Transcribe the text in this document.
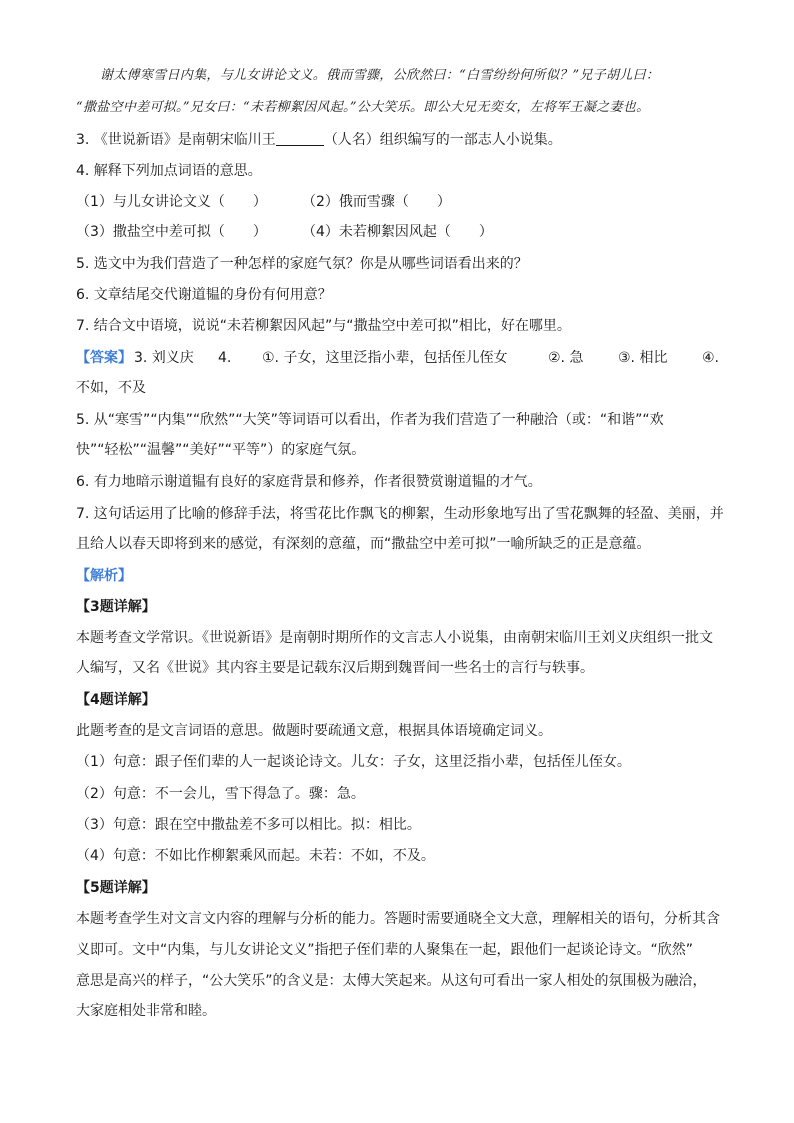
谢太傅寒雪日内集，与儿女讲论文义。俄而雪骤，公欣然曰：“白雪纷纷何所似？”兄子胡儿曰：
“撒盐空中差可拟。”兄女曰：“未若柳絮因风起。”公大笑乐。即公大兄无奕女，左将军王凝之妻也。
3. 《世说新语》是南朝宋临川王	（人名）组织编写的一部志人小说集。
4. 解释下列加点词语的意思。
（1）与儿女讲论文义（　　）	（2）俄而雪骤（　　）
（3）撒盐空中差可拟（　　）	（4）未若柳絮因风起（　　）
5. 选文中为我们营造了一种怎样的家庭气氛？你是从哪些词语看出来的？
6. 文章结尾交代谢道韫的身份有何用意？
7. 结合文中语境，说说“未若柳絮因风起”与“撒盐空中差可拟”相比，好在哪里。
【答案】 3. 刘义庆 4. ①. 子女，这里泛指小辈，包括侄儿侄女	②. 急 ③. 相比 ④.
不如，不及
5. 从“寒雪”“内集”“欣然”“大笑”等词语可以看出，作者为我们营造了一种融洽（或：“和谐”“欢
快”“轻松”“温馨”“美好”“平等”）的家庭气氛。
6. 有力地暗示谢道韫有良好的家庭背景和修养，作者很赞赏谢道韫的才气。
7. 这句话运用了比喻的修辞手法，将雪花比作飘飞的柳絮，生动形象地写出了雪花飘舞的轻盈、美丽，并
且给人以春天即将到来的感觉，有深刻的意蕴，而“撒盐空中差可拟”一喻所缺乏的正是意蕴。
【解析】
【3题详解】
本题考查文学常识。《世说新语》是南朝时期所作的文言志人小说集，由南朝宋临川王刘义庆组织一批文
人编写，又名《世说》其内容主要是记载东汉后期到魏晋间一些名士的言行与轶事。
【4题详解】
此题考查的是文言词语的意思。做题时要疏通文意，根据具体语境确定词义。
（1）句意：跟子侄们辈的人一起谈论诗文。儿女：子女，这里泛指小辈，包括侄儿侄女。
（2）句意：不一会儿，雪下得急了。骤：急。
（3）句意：跟在空中撒盐差不多可以相比。拟：相比。
（4）句意：不如比作柳絮乘风而起。未若：不如，不及。
【5题详解】
本题考查学生对文言文内容的理解与分析的能力。答题时需要通晓全文大意，理解相关的语句，分析其含
义即可。文中“内集，与儿女讲论文义”指把子侄们辈的人聚集在一起，跟他们一起谈论诗文。“欣然”
意思是高兴的样子，“公大笑乐”的含义是：太傅大笑起来。从这句可看出一家人相处的氛围极为融洽，
大家庭相处非常和睦。
